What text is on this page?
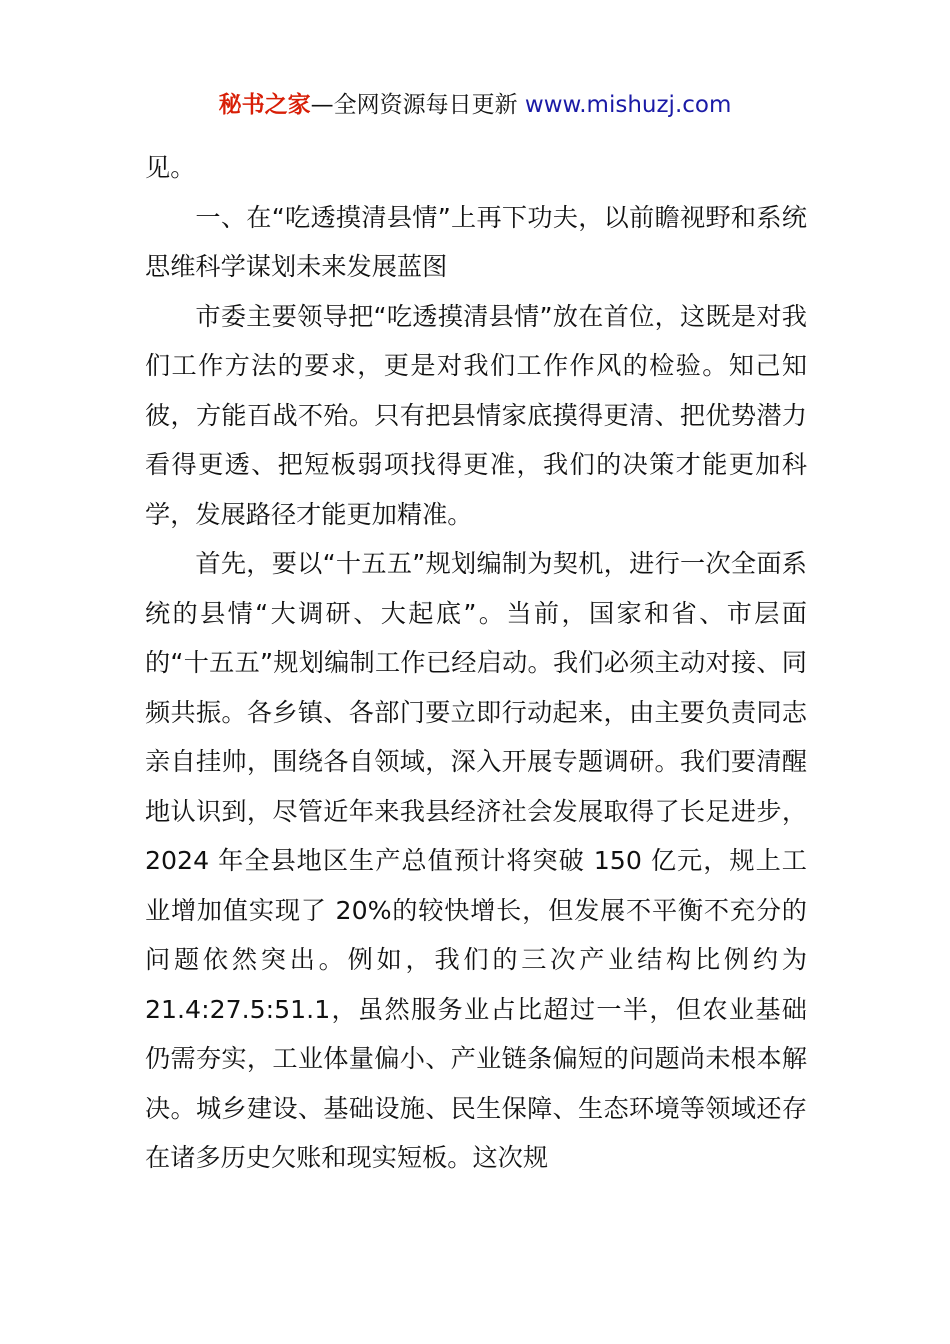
秘书之家—全网资源每日更新 www.mishuzj.com

见。

一、在“吃透摸清县情”上再下功夫，以前瞻视野和系统思维科学谋划未来发展蓝图

市委主要领导把“吃透摸清县情”放在首位，这既是对我们工作方法的要求，更是对我们工作作风的检验。知己知彼，方能百战不殆。只有把县情家底摸得更清、把优势潜力看得更透、把短板弱项找得更准，我们的决策才能更加科学，发展路径才能更加精准。

首先，要以“十五五”规划编制为契机，进行一次全面系统的县情“大调研、大起底”。当前，国家和省、市层面的“十五五”规划编制工作已经启动。我们必须主动对接、同频共振。各乡镇、各部门要立即行动起来，由主要负责同志亲自挂帅，围绕各自领域，深入开展专题调研。我们要清醒地认识到，尽管近年来我县经济社会发展取得了长足进步，2024 年全县地区生产总值预计将突破 150 亿元，规上工业增加值实现了 20%的较快增长，但发展不平衡不充分的问题依然突出。例如，我们的三次产业结构比例约为 21.4:27.5:51.1，虽然服务业占比超过一半，但农业基础仍需夯实，工业体量偏小、产业链条偏短的问题尚未根本解决。城乡建设、基础设施、民生保障、生态环境等领域还存在诸多历史欠账和现实短板。这次规
